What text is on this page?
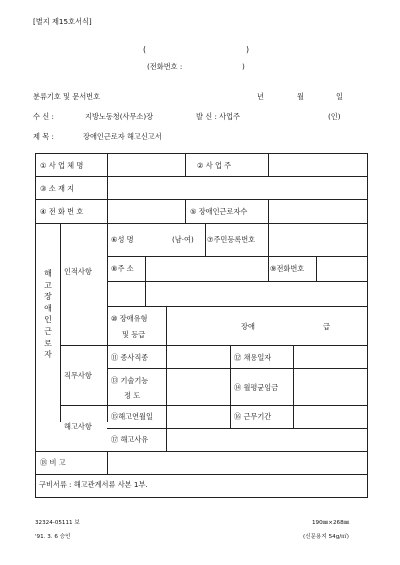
[별지 제15호서식]
(	)
(전화번호 :	)
분류기호 및 문서번호	년	월	일
수 신 :	지방노동청(사무소)장	발 신 : 사업주	(인)
제 목 :	장애인근로자 해고신고서
① 사 업 체 명	② 사 업 주
③ 소 재 지
④ 전 화 번 호	⑤ 장애인근로자수
해
고
장
애
인
근
로
자
인적사항
⑥성 명	(남·여) ⑦주민등록번호
⑧주 소	⑨전화번호
⑩ 장애유형
및 등급
장애	급
직무사항
⑪ 종사직종	⑫ 채용일자
⑬ 기술기능
정 도
⑭ 월평균임금
해고사항
⑮해고연월일	⑯ 근무기간
⑰ 해고사유
⑱ 비 고
구비서류 : 해고관계서류 사본 1부.
32324-05111 보
'91. 3. 6 승인
190㎜×268㎜
(신문용지 54g/㎡)
